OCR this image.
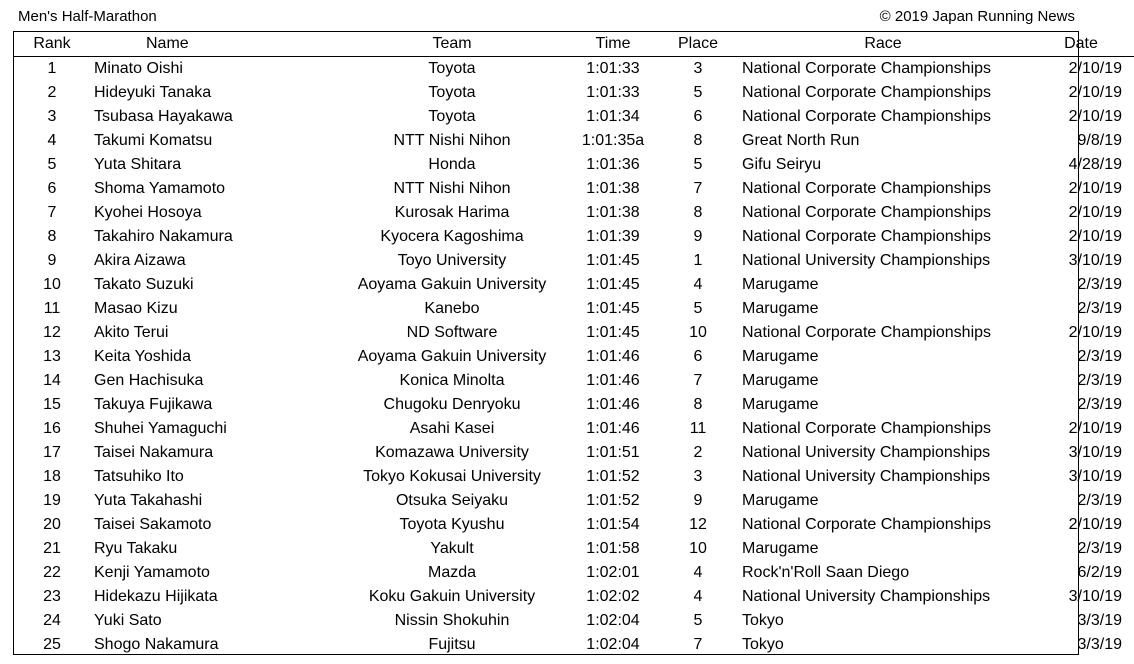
Men's Half-Marathon	© 2019 Japan Running News
Rank	Name	Team	Time	Place	Race	Date
1	Minato Oishi	Toyota	1:01:33	3	National Corporate Championships	2/10/19
2	Hideyuki Tanaka	Toyota	1:01:33	5	National Corporate Championships	2/10/19
3	Tsubasa Hayakawa	Toyota	1:01:34	6	National Corporate Championships	2/10/19
4	Takumi Komatsu	NTT Nishi Nihon	1:01:35a	8	Great North Run	9/8/19
5	Yuta Shitara	Honda	1:01:36	5	Gifu Seiryu	4/28/19
6	Shoma Yamamoto	NTT Nishi Nihon	1:01:38	7	National Corporate Championships	2/10/19
7	Kyohei Hosoya	Kurosak Harima	1:01:38	8	National Corporate Championships	2/10/19
8	Takahiro Nakamura	Kyocera Kagoshima	1:01:39	9	National Corporate Championships	2/10/19
9	Akira Aizawa	Toyo University	1:01:45	1	National University Championships	3/10/19
10	Takato Suzuki	Aoyama Gakuin University	1:01:45	4	Marugame	2/3/19
11	Masao Kizu	Kanebo	1:01:45	5	Marugame	2/3/19
12	Akito Terui	ND Software	1:01:45	10	National Corporate Championships	2/10/19
13	Keita Yoshida	Aoyama Gakuin University	1:01:46	6	Marugame	2/3/19
14	Gen Hachisuka	Konica Minolta	1:01:46	7	Marugame	2/3/19
15	Takuya Fujikawa	Chugoku Denryoku	1:01:46	8	Marugame	2/3/19
16	Shuhei Yamaguchi	Asahi Kasei	1:01:46	11	National Corporate Championships	2/10/19
17	Taisei Nakamura	Komazawa University	1:01:51	2	National University Championships	3/10/19
18	Tatsuhiko Ito	Tokyo Kokusai University	1:01:52	3	National University Championships	3/10/19
19	Yuta Takahashi	Otsuka Seiyaku	1:01:52	9	Marugame	2/3/19
20	Taisei Sakamoto	Toyota Kyushu	1:01:54	12	National Corporate Championships	2/10/19
21	Ryu Takaku	Yakult	1:01:58	10	Marugame	2/3/19
22	Kenji Yamamoto	Mazda	1:02:01	4	Rock'n'Roll Saan Diego	6/2/19
23	Hidekazu Hijikata	Koku Gakuin University	1:02:02	4	National University Championships	3/10/19
24	Yuki Sato	Nissin Shokuhin	1:02:04	5	Tokyo	3/3/19
25	Shogo Nakamura	Fujitsu	1:02:04	7	Tokyo	3/3/19
